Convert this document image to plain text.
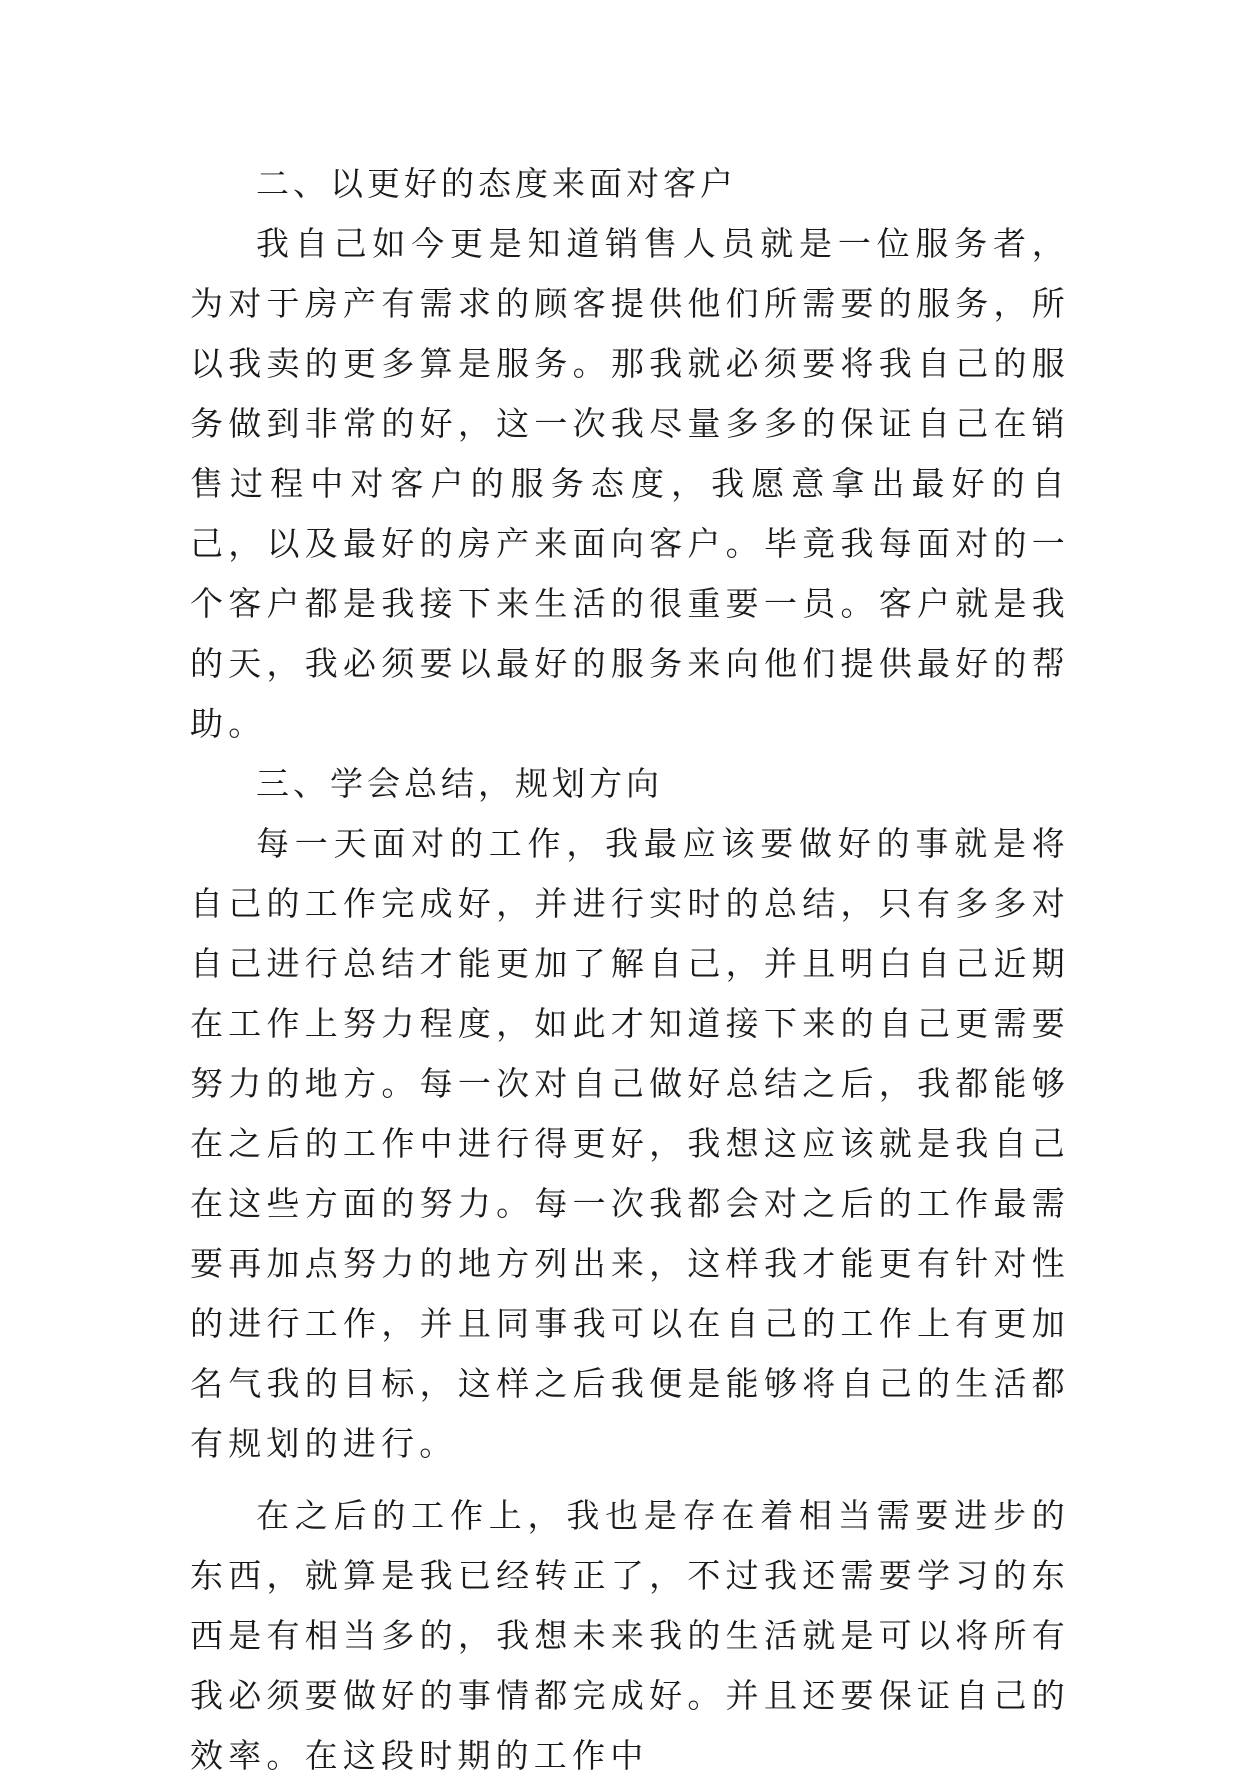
二、以更好的态度来面对客户

我自己如今更是知道销售人员就是一位服务者，为对于房产有需求的顾客提供他们所需要的服务，所以我卖的更多算是服务。那我就必须要将我自己的服务做到非常的好，这一次我尽量多多的保证自己在销售过程中对客户的服务态度，我愿意拿出最好的自己，以及最好的房产来面向客户。毕竟我每面对的一个客户都是我接下来生活的很重要一员。客户就是我的天，我必须要以最好的服务来向他们提供最好的帮助。

三、学会总结，规划方向

每一天面对的工作，我最应该要做好的事就是将自己的工作完成好，并进行实时的总结，只有多多对自己进行总结才能更加了解自己，并且明白自己近期在工作上努力程度，如此才知道接下来的自己更需要努力的地方。每一次对自己做好总结之后，我都能够在之后的工作中进行得更好，我想这应该就是我自己在这些方面的努力。每一次我都会对之后的工作最需要再加点努力的地方列出来，这样我才能更有针对性的进行工作，并且同事我可以在自己的工作上有更加名气我的目标，这样之后我便是能够将自己的生活都有规划的进行。

在之后的工作上，我也是存在着相当需要进步的东西，就算是我已经转正了，不过我还需要学习的东西是有相当多的，我想未来我的生活就是可以将所有我必须要做好的事情都完成好。并且还要保证自己的效率。在这段时期的工作中
